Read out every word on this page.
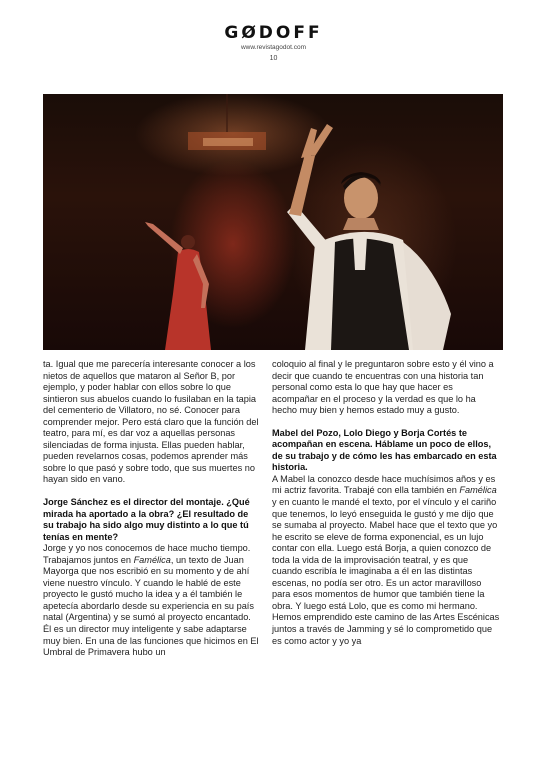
GØDOFF
www.revistagodot.com
10

ta. Igual que me parecería interesante conocer a los nietos de aquellos que mataron al Señor B, por ejemplo, y poder hablar con ellos sobre lo que sintieron sus abuelos cuando lo fusilaban en la tapia del cementerio de Villatoro, no sé. Conocer para comprender mejor. Pero está claro que la función del teatro, para mí, es dar voz a aquellas personas silenciadas de forma injusta. Ellas pueden hablar, pueden revelarnos cosas, podemos aprender más sobre lo que pasó y sobre todo, que sus muertes no hayan sido en vano.

Jorge Sánchez es el director del montaje. ¿Qué mirada ha aportado a la obra? ¿El resultado de su trabajo ha sido algo muy distinto a lo que tú tenías en mente?

Jorge y yo nos conocemos de hace mucho tiempo. Trabajamos juntos en Famélica, un texto de Juan Mayorga que nos escribió en su momento y de ahí viene nuestro vínculo. Y cuando le hablé de este proyecto le gustó mucho la idea y a él también le apetecía abordarlo desde su experiencia en su país natal (Argentina) y se sumó al proyecto encantado. Él es un director muy inteligente y sabe adaptarse muy bien. En una de las funciones que hicimos en El Umbral de Primavera hubo un

coloquio al final y le preguntaron sobre esto y él vino a decir que cuando te encuentras con una historia tan personal como esta lo que hay que hacer es acompañar en el proceso y la verdad es que lo ha hecho muy bien y hemos estado muy a gusto.

Mabel del Pozo, Lolo Diego y Borja Cortés te acompañan en escena. Háblame un poco de ellos, de su trabajo y de cómo les has embarcado en esta historia.

A Mabel la conozco desde hace muchísimos años y es mi actriz favorita. Trabajé con ella también en Famélica y en cuanto le mandé el texto, por el vínculo y el cariño que tenemos, lo leyó enseguida le gustó y me dijo que se sumaba al proyecto. Mabel hace que el texto que yo he escrito se eleve de forma exponencial, es un lujo contar con ella. Luego está Borja, a quien conozco de toda la vida de la improvisación teatral, y es que cuando escribía le imaginaba a él en las distintas escenas, no podía ser otro. Es un actor maravilloso para esos momentos de humor que también tiene la obra. Y luego está Lolo, que es como mi hermano. Hemos emprendido este camino de las Artes Escénicas juntos a través de Jamming y sé lo comprometido que es como actor y yo ya
